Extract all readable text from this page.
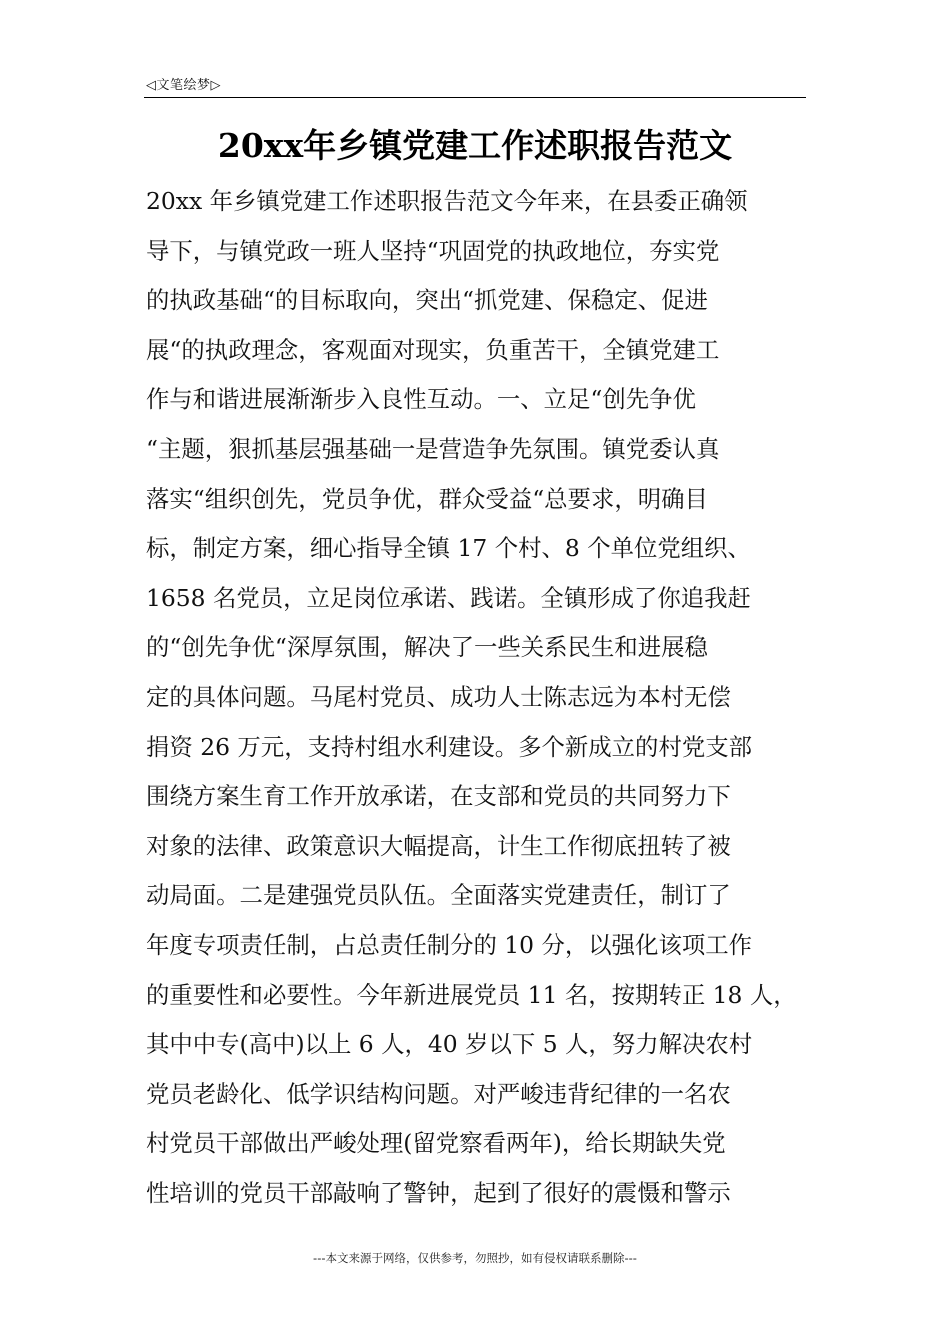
◁文笔绘梦▷
20xx年乡镇党建工作述职报告范文
20xx 年乡镇党建工作述职报告范文今年来，在县委正确领
导下，与镇党政一班人坚持“巩固党的执政地位，夯实党
的执政基础“的目标取向，突出“抓党建、保稳定、促进
展“的执政理念，客观面对现实，负重苦干，全镇党建工
作与和谐进展渐渐步入良性互动。一、立足“创先争优
“主题，狠抓基层强基础一是营造争先氛围。镇党委认真
落实“组织创先，党员争优，群众受益“总要求，明确目
标，制定方案，细心指导全镇 17 个村、8 个单位党组织、
1658 名党员，立足岗位承诺、践诺。全镇形成了你追我赶
的“创先争优“深厚氛围，解决了一些关系民生和进展稳
定的具体问题。马尾村党员、成功人士陈志远为本村无偿
捐资 26 万元，支持村组水利建设。多个新成立的村党支部
围绕方案生育工作开放承诺，在支部和党员的共同努力下
对象的法律、政策意识大幅提高，计生工作彻底扭转了被
动局面。二是建强党员队伍。全面落实党建责任，制订了
年度专项责任制，占总责任制分的 10 分，以强化该项工作
的重要性和必要性。今年新进展党员 11 名，按期转正 18 人，
其中中专(高中)以上 6 人，40 岁以下 5 人，努力解决农村
党员老龄化、低学识结构问题。对严峻违背纪律的一名农
村党员干部做出严峻处理(留党察看两年)，给长期缺失党
性培训的党员干部敲响了警钟，起到了很好的震慑和警示
---本文来源于网络，仅供参考，勿照抄，如有侵权请联系删除---
